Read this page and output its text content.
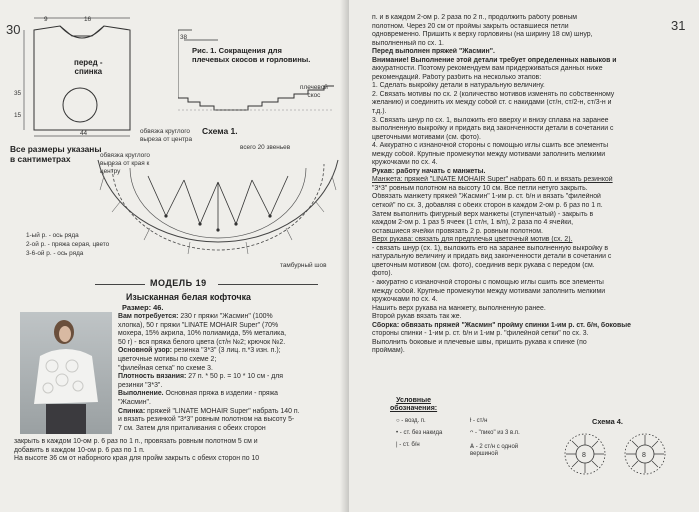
30
9	16
35
15
44
перед -
спинка
38
Рис. 1. Сокращения для
плечевых скосов и горловины.
плечевой
скос
Все размеры указаны
в сантиметрах
Схема 1.
обвязка круглого
выреза от центра
всего 20 звеньев
обвязка круглого
выреза от края к
центру
тамбурный шов
1-ый р. - ось ряда
2-ой р. - пряжа серая, цвето
3-6-ой р. - ось ряда
МОДЕЛЬ 19
Изысканная белая кофточка
Размер: 46.
Вам потребуется: 230 г пряжи "Жасмин" (100%
хлопка), 50 г пряжи "LINATE MOHAIR Super" (70%
мохера, 15% акрила, 10% полиамида, 5% металика,
50 г) - вся пряжа белого цвета (ст/н №2; крючок №2.
Основной узор: резинка "3*3" (3 лиц. п.*3 изн. п.);
цветочные мотивы по схеме 2;
"филейная сетка" по схеме 3.
Плотность вязания: 27 п. * 50 р. = 10 * 10 см - для
резинки "3*3".
Выполнение. Основная пряжа в изделии - пряжа
"Жасмин".
Спинка: пряжей "LINATE MOHAIR Super" набрать 140 п.
и вязать резинкой "3*3" ровным полотном на высоту 5-
7 см. Затем для приталивания с обеих сторон
закрыть в каждом 10-ом р. 6 раз по 1 п., провязать ровным полотном 5 см и
добавить в каждом 10-ом р. 6 раз по 1 п.
На высоте 36 см от наборного края для пройм закрыть с обеих сторон по 10
31
п. и в каждом 2-ом р. 2 раза по 2 п., продолжить работу ровным
полотном. Через 20 см от проймы закрыть оставшиеся петли
одновременно. Пришить к верху горловины (на ширину 18 см) шнур,
выполненный по сх. 1.
Перед выполнен пряжей "Жасмин".
Внимание! Выполнение этой детали требует определенных навыков и
аккуратности. Поэтому рекомендуем вам придерживаться данных ниже
рекомендаций. Работу разбить на несколько этапов:
1. Сделать выкройку детали в натуральную величину.
2. Связать мотивы по сх. 2 (количество мотивов изменять по собственному
желанию) и соединить их между собой ст. с накидами (ст/н, ст/2-н, ст/3-н и
т.д.).
3. Связать шнур по сх. 1, выложить его вверху и внизу сплава на заранее
выполненную выкройку и придать вид законченности детали в сочетании с
цветочными мотивами (см. фото).
4. Аккуратно с изнаночной стороны с помощью иглы сшить все элементы
между собой. Крупные промежутки между мотивами заполнить мелкими
кружочками по сх. 4.
Рукав: работу начать с манжеты.
Манжета: пряжей "LINATE MOHAIR Super" набрать 60 п. и вязать резинкой
"3*3" ровным полотном на высоту 10 см. Все петли нетуго закрыть.
Обвязать манжету пряжей "Жасмин" 1-им р. ст. б/н и вязать "филейной
сеткой" по сх. 3, добавляя с обеих сторон в каждом 2-ом р. 6 раз по 1 п.
Затем выполнить фигурный верх манжеты (ступенчатый) - закрыть в
каждом 2-ом р. 1 раз 5 ячеек (1 ст/н, 1 в/п), 2 раза по 4 ячейки,
оставшиеся ячейки провязать 2 р. ровным полотном.
Верх рукава: связать для предплечья цветочный мотив (сх. 2).
- связать шнур (сх. 1), выложить его на заранее выполненную выкройку в
натуральную величину и придать вид законченности детали в сочетании с
цветочным мотивом (см. фото), соединив верх рукава с передом (см.
фото).
- аккуратно с изнаночной стороны с помощью иглы сшить все элементы
между собой. Крупные промежутки между мотивами заполнить мелкими
кружочками по сх. 4.
Нашить верх рукава на манжету, выполненную ранее.
Второй рукав вязать так же.
Сборка: обвязать пряжей "Жасмин" пройму спинки 1-им р. ст. б/н, боковые
стороны спинки - 1-им р. ст. б/н и 1-им р. "филейной сетки" по сх. 3.
Выполнить боковые и плечевые швы, пришить рукава к спинке (по
проймам).
Условные
обозначения:
○ - возд. п.
• - ст. без накида
| - ст. б/н
ƚ - ст/н
ᴖ - "пико" из 3 в.п.
Ѧ - 2 ст/н с одной вершиной
Схема 4.
8	8
